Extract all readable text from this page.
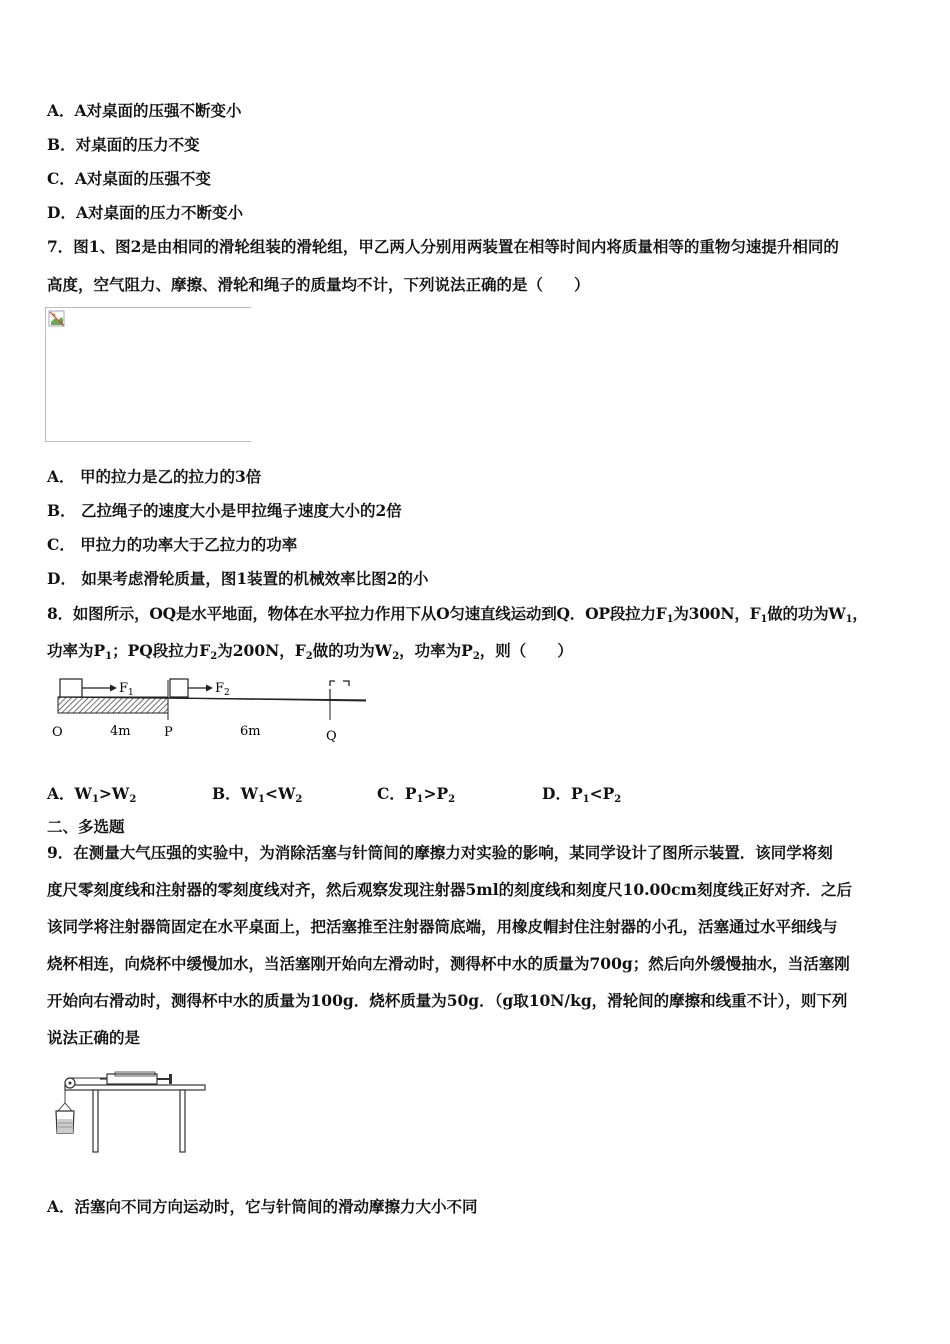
A．A对桌面的压强不断变小
B．对桌面的压力不变
C．A对桌面的压强不变
D．A对桌面的压力不断变小
7．图1、图2是由相同的滑轮组装的滑轮组，甲乙两人分别用两装置在相等时间内将质量相等的重物匀速提升相同的
高度，空气阻力、摩擦、滑轮和绳子的质量均不计，下列说法正确的是（　　）
A． 甲的拉力是乙的拉力的3倍
B． 乙拉绳子的速度大小是甲拉绳子速度大小的2倍
C． 甲拉力的功率大于乙拉力的功率
D． 如果考虑滑轮质量，图1装置的机械效率比图2的小
8．如图所示，OQ是水平地面，物体在水平拉力作用下从O匀速直线运动到Q．OP段拉力$F_1$为300N，$F_1$做的功为$W_1$，
功率为$P_1$；PQ段拉力$F_2$为200N，$F_2$做的功为$W_2$，功率为$P_2$，则（　　）
$F_1$	$F_2$
O	4m	P	6m	Q
A．$W_1>W_2$	B．$W_1<W_2$	C．$P_1>P_2$	D．$P_1<P_2$
二、多选题
9．在测量大气压强的实验中，为消除活塞与针筒间的摩擦力对实验的影响，某同学设计了图所示装置．该同学将刻
度尺零刻度线和注射器的零刻度线对齐，然后观察发现注射器5ml的刻度线和刻度尺10.00cm刻度线正好对齐．之后
该同学将注射器筒固定在水平桌面上，把活塞推至注射器筒底端，用橡皮帽封住注射器的小孔，活塞通过水平细线与
烧杯相连，向烧杯中缓慢加水，当活塞刚开始向左滑动时，测得杯中水的质量为700g；然后向外缓慢抽水，当活塞刚
开始向右滑动时，测得杯中水的质量为100g．烧杯质量为50g．（g取10N/kg，滑轮间的摩擦和线重不计），则下列
说法正确的是
A．活塞向不同方向运动时，它与针筒间的滑动摩擦力大小不同
